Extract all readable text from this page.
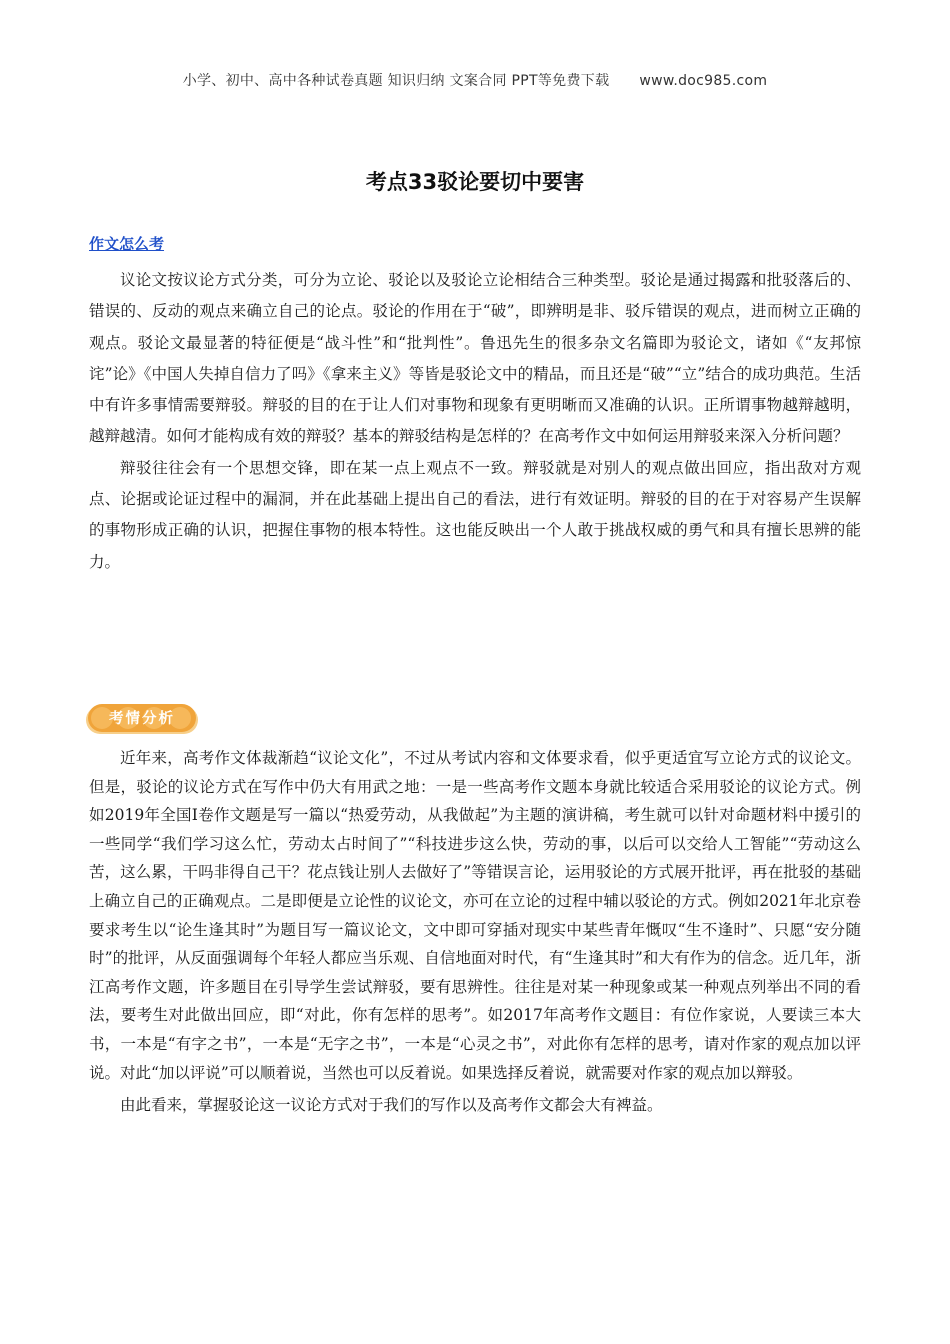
小学、初中、高中各种试卷真题 知识归纳 文案合同 PPT等免费下载 www.doc985.com
考点33驳论要切中要害
作文怎么考

议论文按议论方式分类，可分为立论、驳论以及驳论立论相结合三种类型。驳论是通过揭露和批驳落后的、错误的、反动的观点来确立自己的论点。驳论的作用在于“破”，即辨明是非、驳斥错误的观点，进而树立正确的观点。驳论文最显著的特征便是“战斗性”和“批判性”。鲁迅先生的很多杂文名篇即为驳论文，诸如《“友邦惊诧”论》《中国人失掉自信力了吗》《拿来主义》等皆是驳论文中的精品，而且还是“破”“立”结合的成功典范。生活中有许多事情需要辩驳。辩驳的目的在于让人们对事物和现象有更明晰而又准确的认识。正所谓事物越辩越明，越辩越清。如何才能构成有效的辩驳？基本的辩驳结构是怎样的？在高考作文中如何运用辩驳来深入分析问题？

辩驳往往会有一个思想交锋，即在某一点上观点不一致。辩驳就是对别人的观点做出回应，指出敌对方观点、论据或论证过程中的漏洞，并在此基础上提出自己的看法，进行有效证明。辩驳的目的在于对容易产生误解的事物形成正确的认识，把握住事物的根本特性。这也能反映出一个人敢于挑战权威的勇气和具有擅长思辨的能力。

考情分析

近年来，高考作文体裁渐趋“议论文化”，不过从考试内容和文体要求看，似乎更适宜写立论方式的议论文。但是，驳论的议论方式在写作中仍大有用武之地：一是一些高考作文题本身就比较适合采用驳论的议论方式。例如2019年全国Ⅰ卷作文题是写一篇以“热爱劳动，从我做起”为主题的演讲稿，考生就可以针对命题材料中援引的一些同学“我们学习这么忙，劳动太占时间了”“科技进步这么快，劳动的事，以后可以交给人工智能”“劳动这么苦，这么累，干吗非得自己干？花点钱让别人去做好了”等错误言论，运用驳论的方式展开批评，再在批驳的基础上确立自己的正确观点。二是即便是立论性的议论文，亦可在立论的过程中辅以驳论的方式。例如2021年北京卷要求考生以“论生逢其时”为题目写一篇议论文，文中即可穿插对现实中某些青年慨叹“生不逢时”、只愿“安分随时”的批评，从反面强调每个年轻人都应当乐观、自信地面对时代，有“生逢其时”和大有作为的信念。近几年，浙江高考作文题，许多题目在引导学生尝试辩驳，要有思辨性。往往是对某一种现象或某一种观点列举出不同的看法，要考生对此做出回应，即“对此，你有怎样的思考”。如2017年高考作文题目：有位作家说，人要读三本大书，一本是“有字之书”，一本是“无字之书”，一本是“心灵之书”，对此你有怎样的思考，请对作家的观点加以评说。对此“加以评说”可以顺着说，当然也可以反着说。如果选择反着说，就需要对作家的观点加以辩驳。

由此看来，掌握驳论这一议论方式对于我们的写作以及高考作文都会大有裨益。
